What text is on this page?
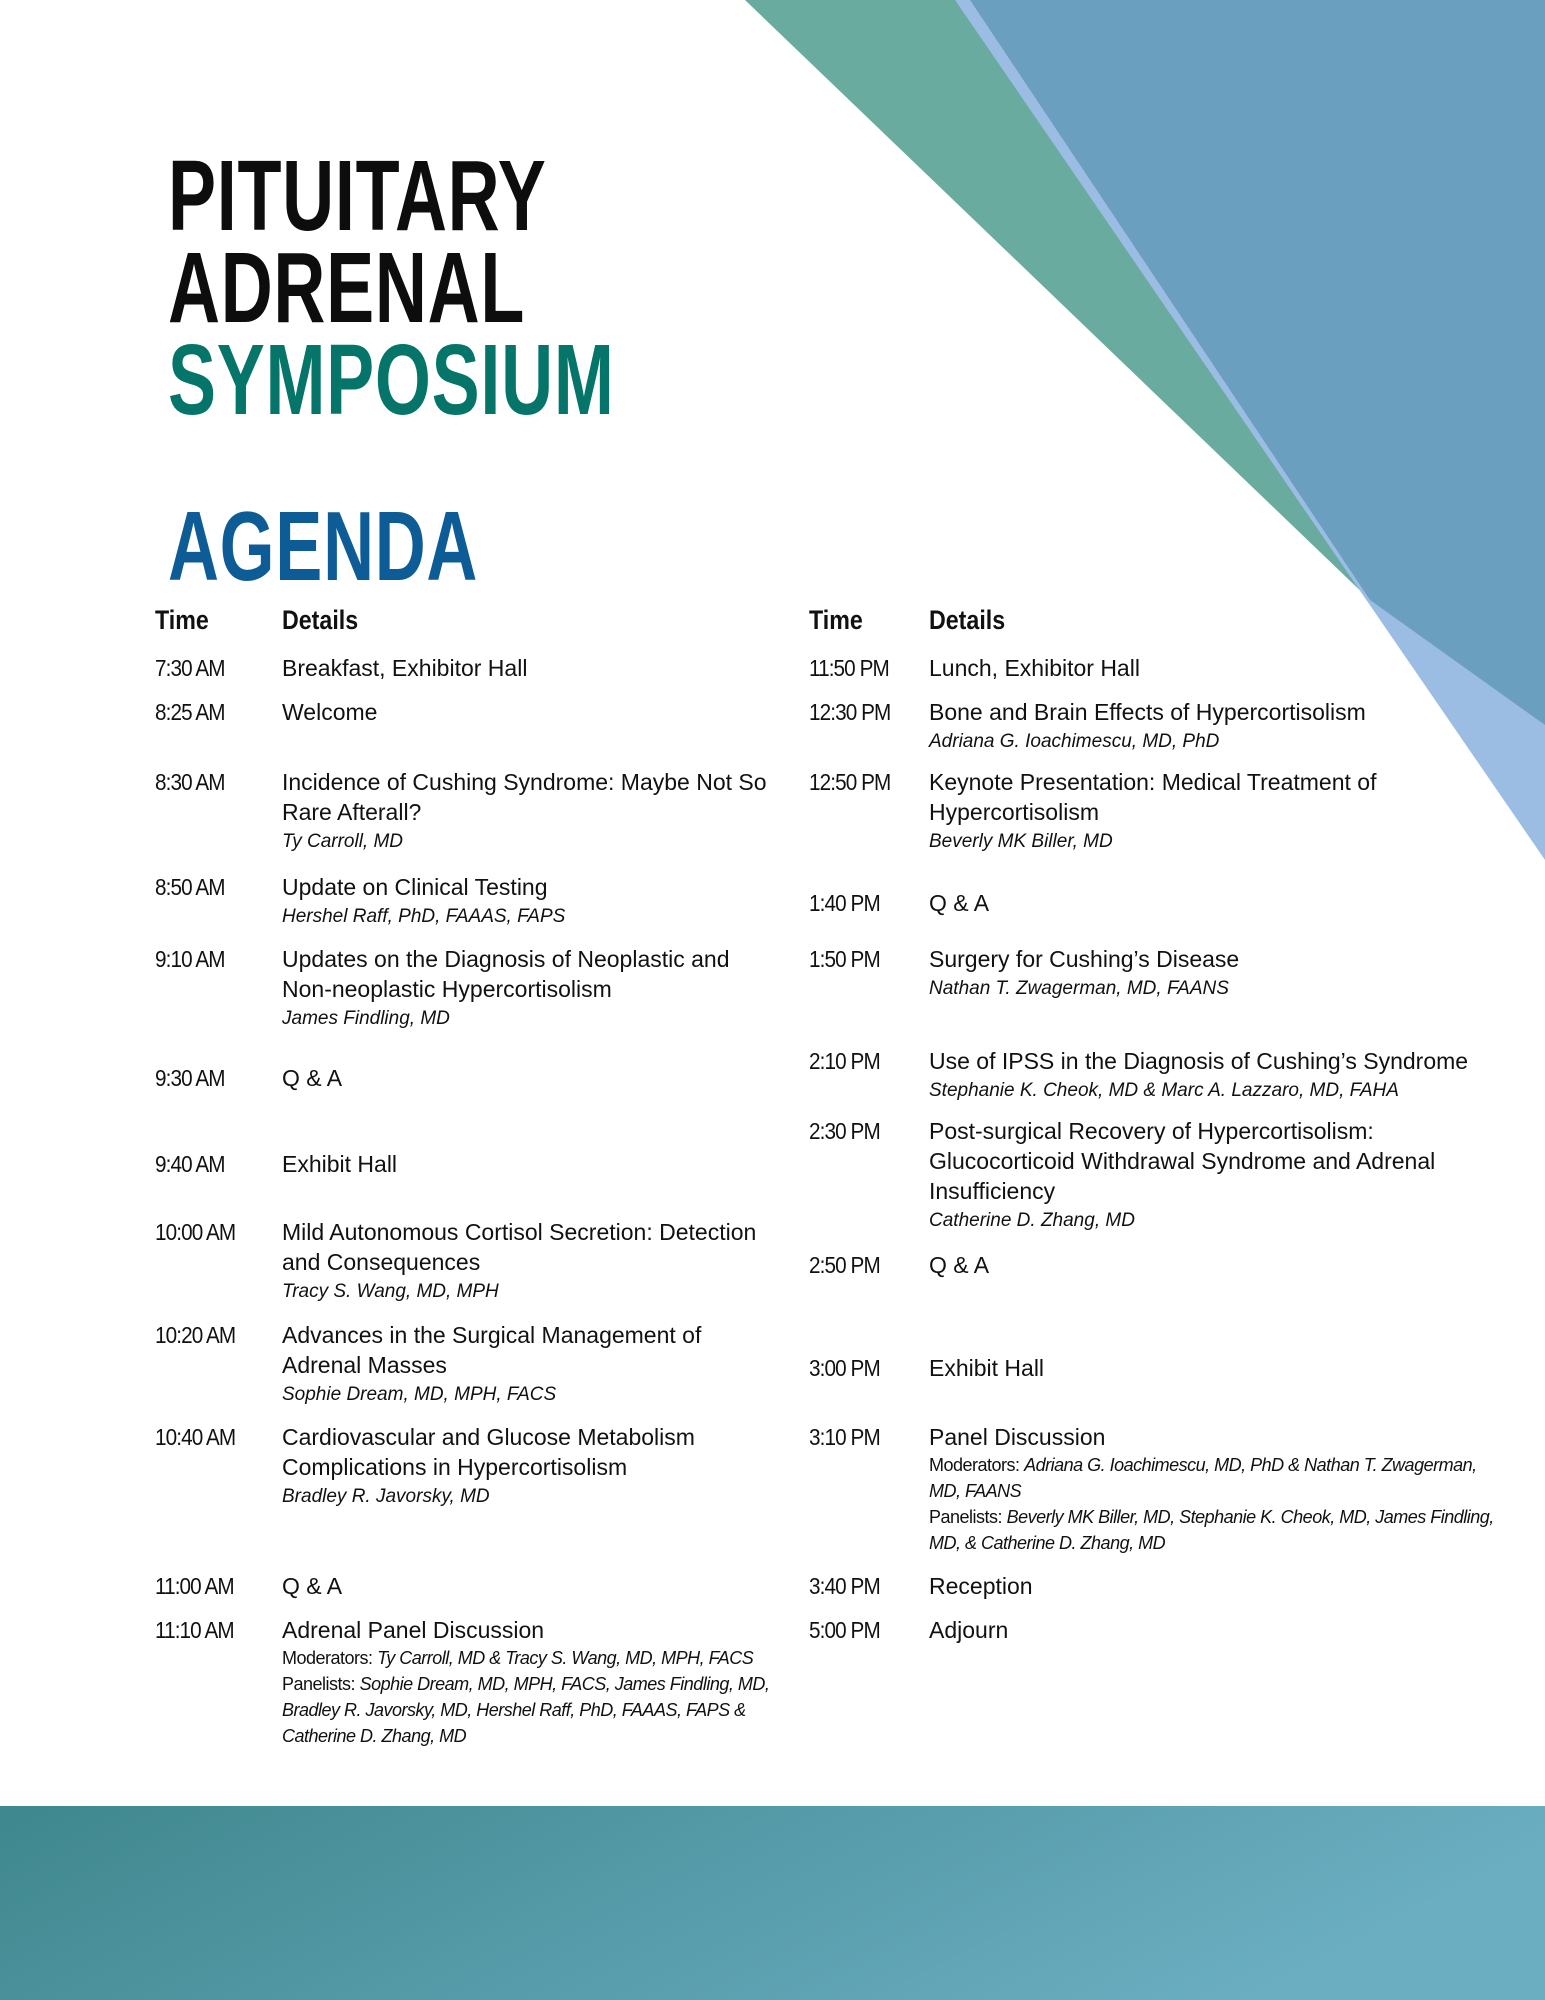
PITUITARY
ADRENAL
SYMPOSIUM
AGENDA
Time	Details
7:30 AM Breakfast, Exhibitor Hall
8:25 AM Welcome
8:30 AM Incidence of Cushing Syndrome: Maybe Not So Rare Afterall?
Ty Carroll, MD
8:50 AM Update on Clinical Testing
Hershel Raff, PhD, FAAAS, FAPS
9:10 AM Updates on the Diagnosis of Neoplastic and Non-neoplastic Hypercortisolism
James Findling, MD
9:30 AM Q & A
9:40 AM Exhibit Hall
10:00 AM Mild Autonomous Cortisol Secretion: Detection and Consequences
Tracy S. Wang, MD, MPH
10:20 AM Advances in the Surgical Management of Adrenal Masses
Sophie Dream, MD, MPH, FACS
10:40 AM Cardiovascular and Glucose Metabolism Complications in Hypercortisolism
Bradley R. Javorsky, MD
11:00 AM Q & A
11:10 AM Adrenal Panel Discussion
Moderators: Ty Carroll, MD & Tracy S. Wang, MD, MPH, FACS
Panelists: Sophie Dream, MD, MPH, FACS, James Findling, MD, Bradley R. Javorsky, MD, Hershel Raff, PhD, FAAAS, FAPS & Catherine D. Zhang, MD
Time Details
11:50 PM Lunch, Exhibitor Hall
12:30 PM Bone and Brain Effects of Hypercortisolism
Adriana G. Ioachimescu, MD, PhD
12:50 PM Keynote Presentation: Medical Treatment of Hypercortisolism
Beverly MK Biller, MD
1:40 PM Q & A
1:50 PM Surgery for Cushing’s Disease
Nathan T. Zwagerman, MD, FAANS
2:10 PM Use of IPSS in the Diagnosis of Cushing’s Syndrome
Stephanie K. Cheok, MD & Marc A. Lazzaro, MD, FAHA
2:30 PM Post-surgical Recovery of Hypercortisolism: Glucocorticoid Withdrawal Syndrome and Adrenal Insufficiency
Catherine D. Zhang, MD
2:50 PM Q & A
3:00 PM Exhibit Hall
3:10 PM Panel Discussion
Moderators: Adriana G. Ioachimescu, MD, PhD & Nathan T. Zwagerman, MD, FAANS
Panelists: Beverly MK Biller, MD, Stephanie K. Cheok, MD, James Findling, MD, & Catherine D. Zhang, MD
3:40 PM Reception
5:00 PM Adjourn
